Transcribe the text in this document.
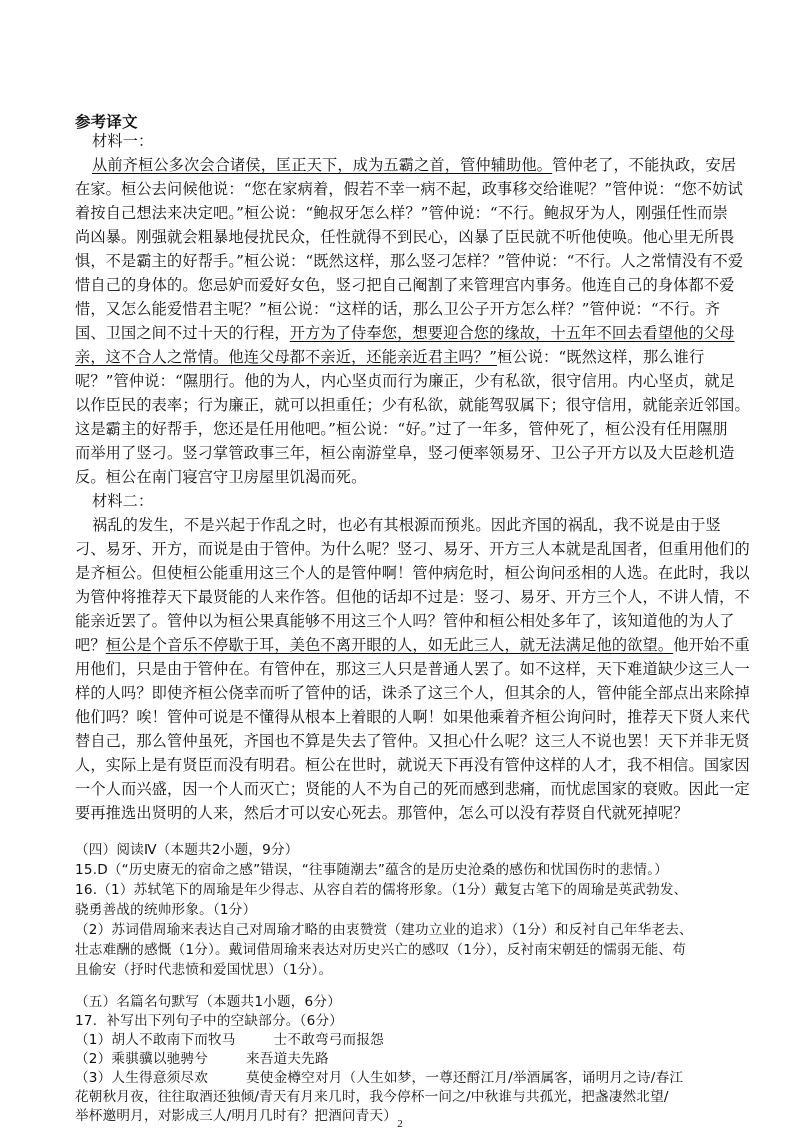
参考译文
材料一：
从前齐桓公多次会合诸侯，匡正天下，成为五霸之首，管仲辅助他。管仲老了，不能执政，安居
在家。桓公去问候他说：“您在家病着，假若不幸一病不起，政事移交给谁呢？”管仲说：“您不妨试
着按自己想法来决定吧。”桓公说：“鲍叔牙怎么样？”管仲说：“不行。鲍叔牙为人，刚强任性而崇
尚凶暴。刚强就会粗暴地侵扰民众，任性就得不到民心，凶暴了臣民就不听他使唤。他心里无所畏
惧，不是霸主的好帮手。”桓公说：“既然这样，那么竖刁怎样？”管仲说：“不行。人之常情没有不爱
惜自己的身体的。您忌妒而爱好女色，竖刁把自己阉割了来管理宫内事务。他连自己的身体都不爱
惜，又怎么能爱惜君主呢？”桓公说：“这样的话，那么卫公子开方怎么样？”管仲说：“不行。齐
国、卫国之间不过十天的行程，开方为了侍奉您，想要迎合您的缘故，十五年不回去看望他的父母
亲，这不合人之常情。他连父母都不亲近，还能亲近君主吗？”桓公说：“既然这样，那么谁行
呢？”管仲说：“隰朋行。他的为人，内心坚贞而行为廉正，少有私欲，很守信用。内心坚贞，就足
以作臣民的表率；行为廉正，就可以担重任；少有私欲，就能驾驭属下；很守信用，就能亲近邻国。
这是霸主的好帮手，您还是任用他吧。”桓公说：“好。”过了一年多，管仲死了，桓公没有任用隰朋
而举用了竖刁。竖刁掌管政事三年，桓公南游堂阜，竖刁便率领易牙、卫公子开方以及大臣趁机造
反。桓公在南门寝宫守卫房屋里饥渴而死。
材料二：
祸乱的发生，不是兴起于作乱之时，也必有其根源而预兆。因此齐国的祸乱，我不说是由于竖
刁、易牙、开方，而说是由于管仲。为什么呢？竖刁、易牙、开方三人本就是乱国者，但重用他们的
是齐桓公。但使桓公能重用这三个人的是管仲啊！管仲病危时，桓公询问丞相的人选。在此时，我以
为管仲将推荐天下最贤能的人来作答。但他的话却不过是：竖刁、易牙、开方三个人，不讲人情，不
能亲近罢了。管仲以为桓公果真能够不用这三个人吗？管仲和桓公相处多年了，该知道他的为人了
吧？桓公是个音乐不停歇于耳，美色不离开眼的人，如无此三人，就无法满足他的欲望。他开始不重
用他们，只是由于管仲在。有管仲在，那这三人只是普通人罢了。如不这样，天下难道缺少这三人一
样的人吗？即使齐桓公侥幸而听了管仲的话，诛杀了这三个人，但其余的人，管仲能全部点出来除掉
他们吗？唉！管仲可说是不懂得从根本上着眼的人啊！如果他乘着齐桓公询问时，推荐天下贤人来代
替自己，那么管仲虽死，齐国也不算是失去了管仲。又担心什么呢？这三人不说也罢！天下并非无贤
人，实际上是有贤臣而没有明君。桓公在世时，就说天下再没有管仲这样的人才，我不相信。国家因
一个人而兴盛，因一个人而灭亡；贤能的人不为自己的死而感到悲痛，而忧虑国家的衰败。因此一定
要再推选出贤明的人来，然后才可以安心死去。那管仲，怎么可以没有荐贤自代就死掉呢？
（四）阅读Ⅳ（本题共2小题，9分）
15.D（“历史赓无的宿命之感”错误，“往事随潮去”蕴含的是历史沧桑的感伤和忧国伤时的悲情。）
16.（1）苏轼笔下的周瑜是年少得志、从容自若的儒将形象。（1分）戴复古笔下的周瑜是英武勃发、
骁勇善战的统帅形象。（1分）
（2）苏词借周瑜来表达自己对周瑜才略的由衷赞赏（建功立业的追求）（1分）和反衬自己年华老去、
壮志难酬的感慨（1分）。戴词借周瑜来表达对历史兴亡的感叹（1分），反衬南宋朝廷的懦弱无能、苟
且偷安（抒时代悲愤和爱国忧思）（1分）。
（五）名篇名句默写（本题共1小题，6分）
17．补写出下列句子中的空缺部分。（6分）
（1）胡人不敢南下而牧马	士不敢弯弓而报怨
（2）乘骐骥以驰骋兮	来吾道夫先路
2
（3）人生得意须尽欢	莫使金樽空对月（人生如梦，一尊还酹江月/举酒属客，诵明月之诗/春江
花朝秋月夜，往往取酒还独倾/青天有月来几时，我今停杯一问之/中秋谁与共孤光，把盏凄然北望/
举杯邀明月，对影成三人/明月几时有？把酒问青天）
